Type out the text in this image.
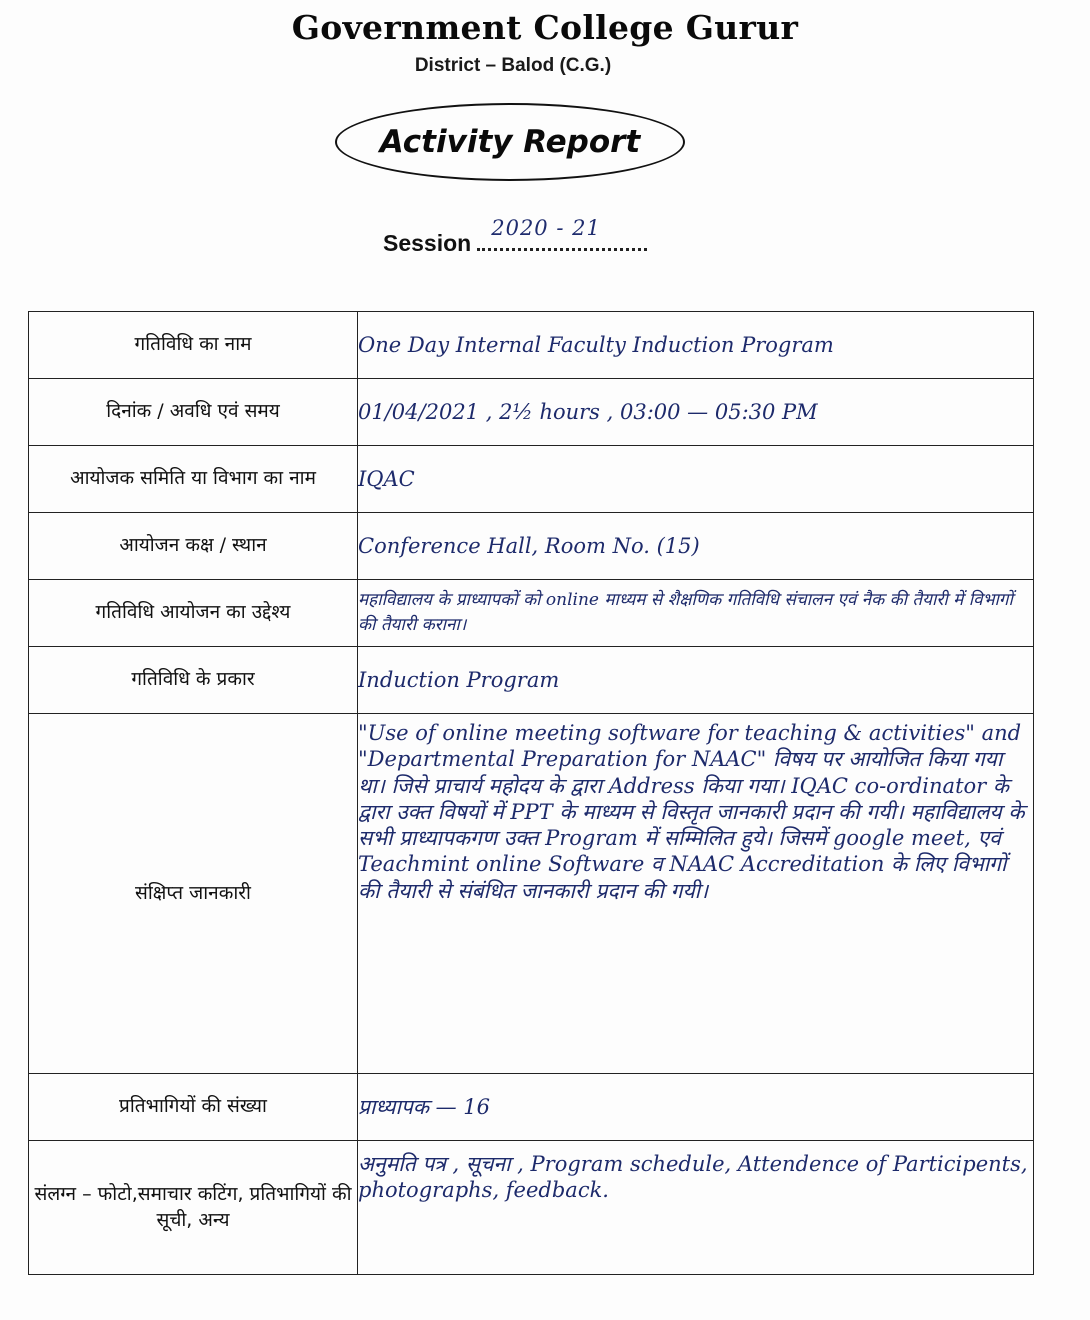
Government College Gurur
District – Balod (C.G.)
Activity Report
Session
2020 - 21
गतिविधि का नाम	One Day Internal Faculty Induction Program
दिनांक / अवधि एवं समय	01/04/2021 , 2½ hours , 03:00 — 05:30 PM
आयोजक समिति या विभाग का नाम	IQAC
आयोजन कक्ष / स्थान	Conference Hall, Room No. (15)
गतिविधि आयोजन का उद्देश्य	महाविद्यालय के प्राध्यापकों को online माध्यम से शैक्षणिक गतिविधि संचालन एवं नैक की तैयारी में विभागों की तैयारी कराना।
गतिविधि के प्रकार	Induction Program
संक्षिप्त जानकारी	"Use of online meeting software for teaching & activities" and "Departmental Preparation for NAAC" विषय पर आयोजित किया गया था। जिसे प्राचार्य महोदय के द्वारा Address किया गया। IQAC co-ordinator के द्वारा उक्त विषयों में PPT के माध्यम से विस्तृत जानकारी प्रदान की गयी। महाविद्यालय के सभी प्राध्यापकगण उक्त Program में सम्मिलित हुये। जिसमें google meet, एवं Teachmint online Software व NAAC Accreditation के लिए विभागों की तैयारी से संबंधित जानकारी प्रदान की गयी।
प्रतिभागियों की संख्या	प्राध्यापक — 16
संलग्न – फोटो,समाचार कटिंग, प्रतिभागियों की सूची, अन्य	अनुमति पत्र , सूचना , Program schedule, Attendence of Participents, photographs, feedback.
